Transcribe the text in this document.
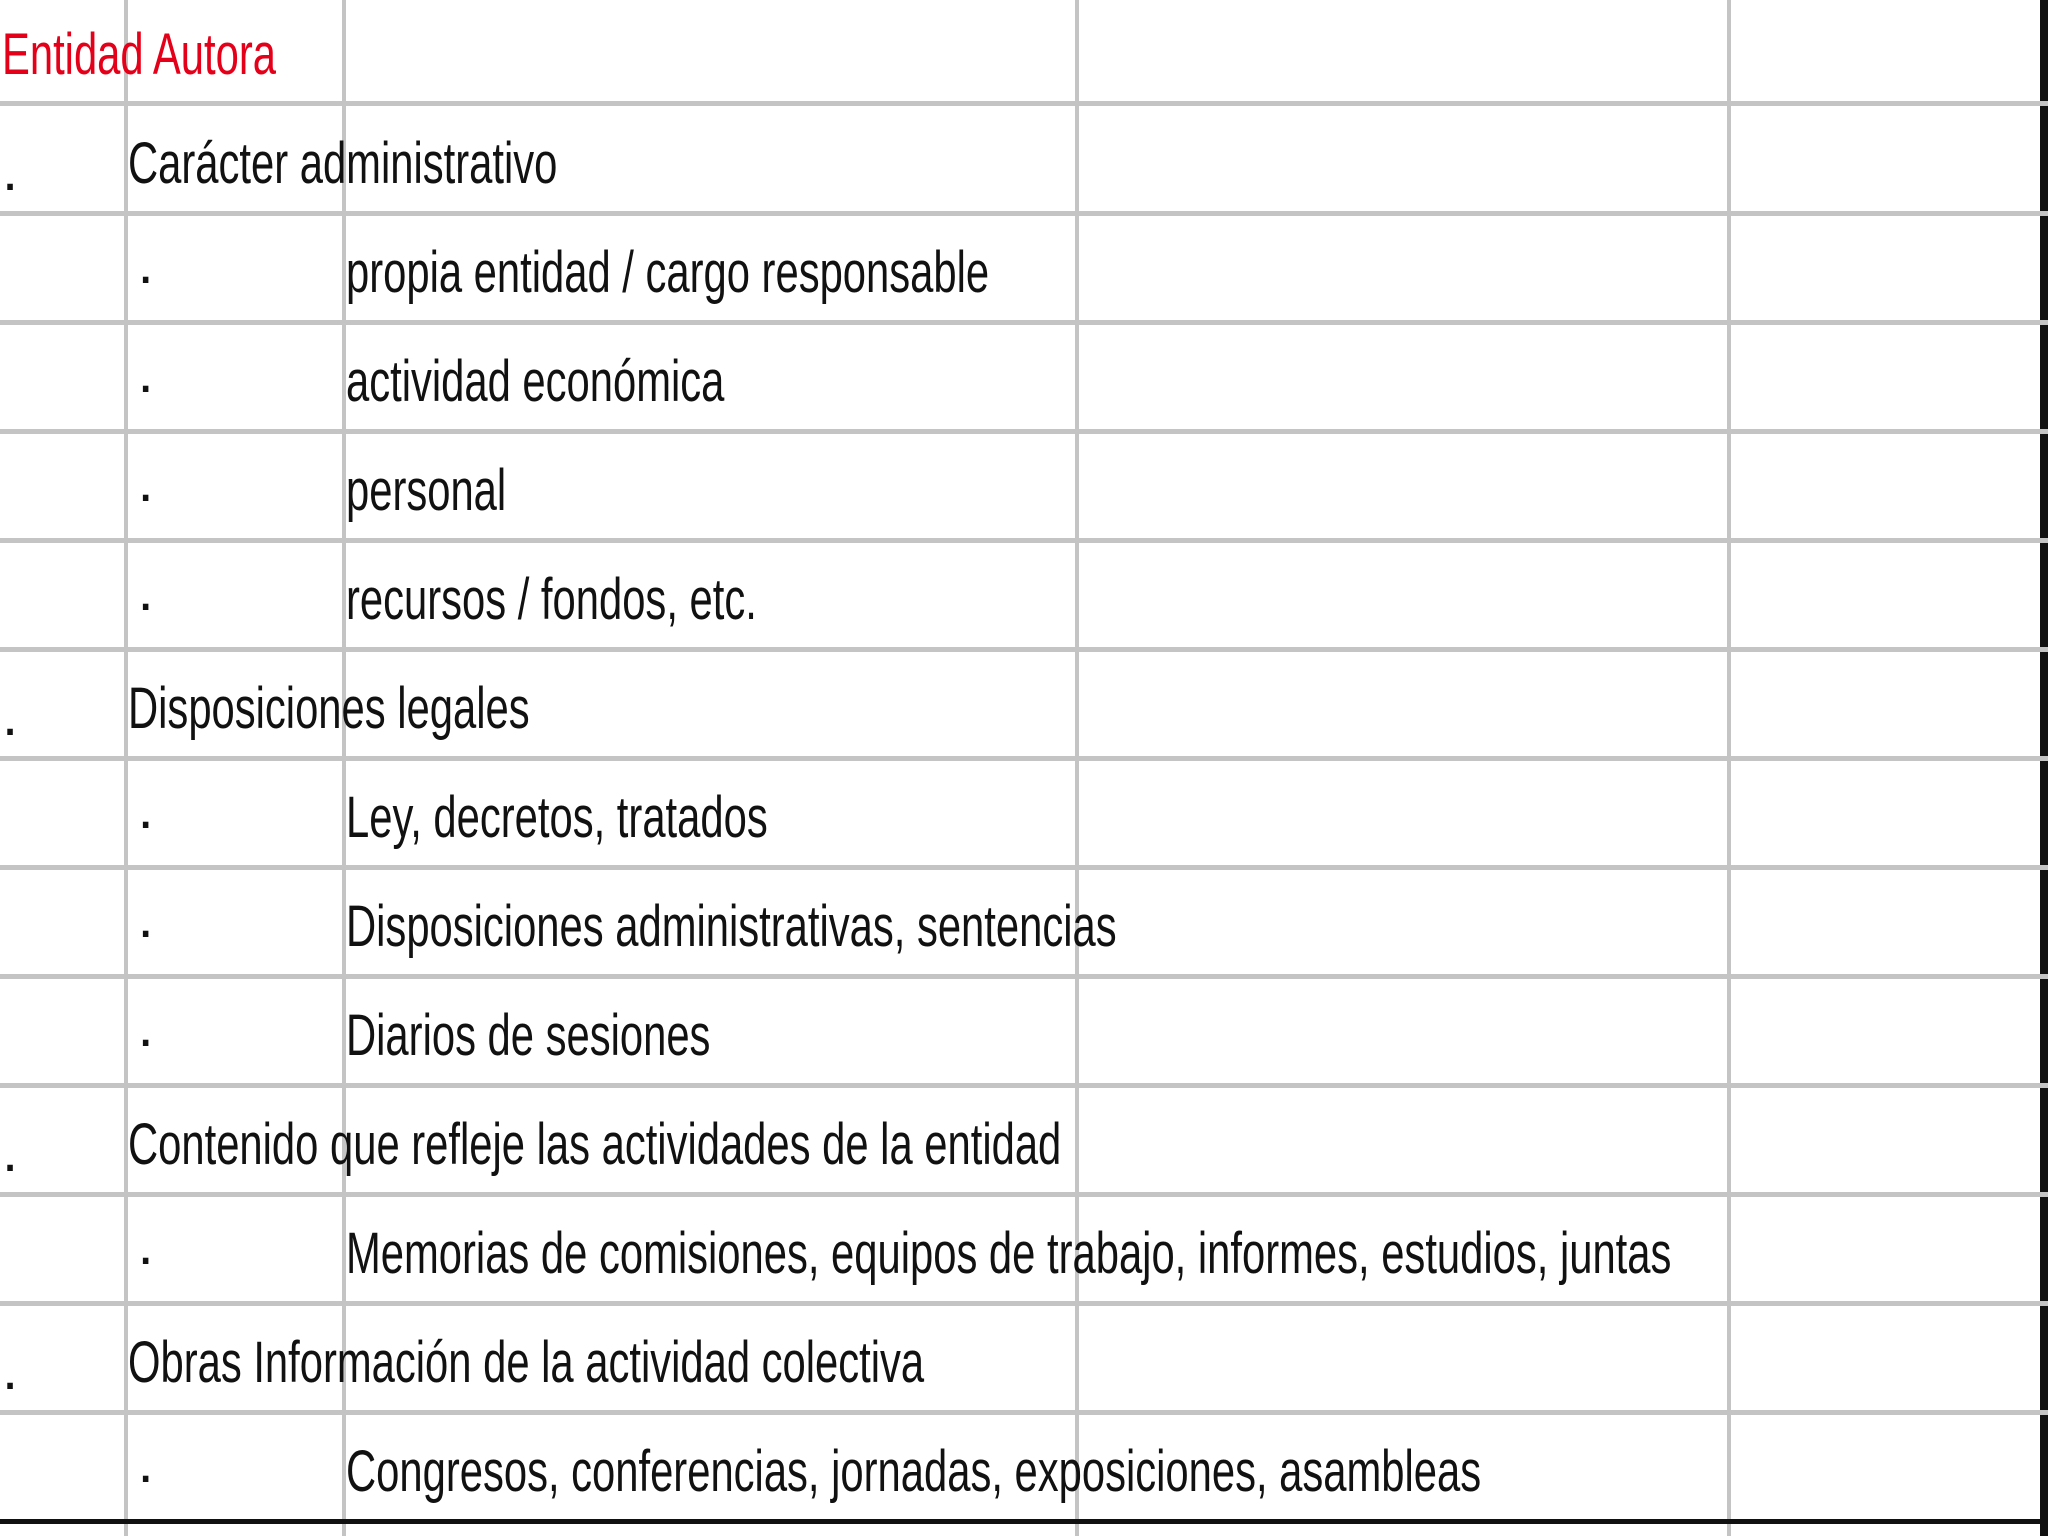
Entidad Autora
. Carácter administrativo
·	propia entidad / cargo responsable
·	actividad económica
·	personal
·	recursos / fondos, etc.
. Disposiciones legales
·	Ley, decretos, tratados
·	Disposiciones administrativas, sentencias
·	Diarios de sesiones
. Contenido que refleje las actividades de la entidad
·	Memorias de comisiones, equipos de trabajo, informes, estudios, juntas
. Obras Información de la actividad colectiva
·	Congresos, conferencias, jornadas, exposiciones, asambleas
